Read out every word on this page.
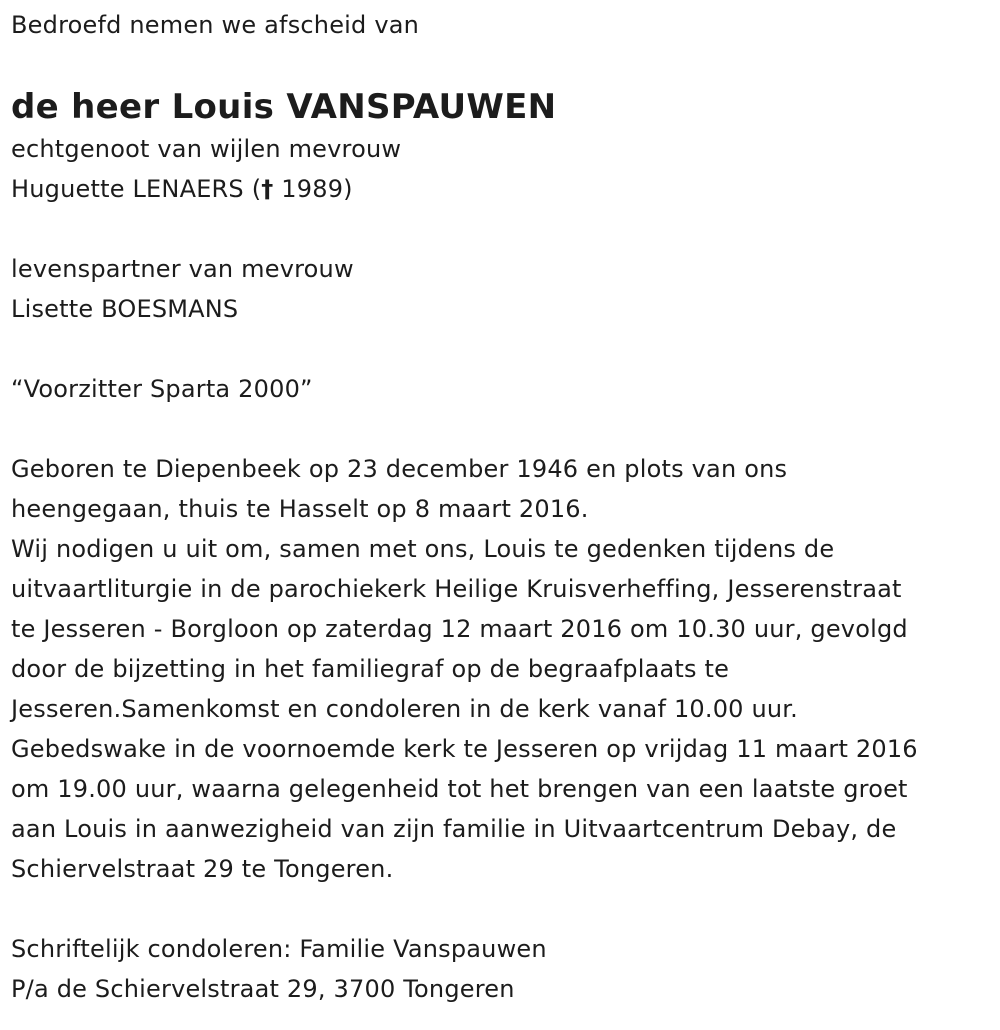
Bedroefd nemen we afscheid van
de heer Louis VANSPAUWEN
echtgenoot van wijlen mevrouw
Huguette LENAERS († 1989)
levenspartner van mevrouw
Lisette BOESMANS
“Voorzitter Sparta 2000”
Geboren te Diepenbeek op 23 december 1946 en plots van ons
heengegaan, thuis te Hasselt op 8 maart 2016.
Wij nodigen u uit om, samen met ons, Louis te gedenken tijdens de
uitvaartliturgie in de parochiekerk Heilige Kruisverheffing, Jesserenstraat
te Jesseren - Borgloon op zaterdag 12 maart 2016 om 10.30 uur, gevolgd
door de bijzetting in het familiegraf op de begraafplaats te
Jesseren.Samenkomst en condoleren in de kerk vanaf 10.00 uur.
Gebedswake in de voornoemde kerk te Jesseren op vrijdag 11 maart 2016
om 19.00 uur, waarna gelegenheid tot het brengen van een laatste groet
aan Louis in aanwezigheid van zijn familie in Uitvaartcentrum Debay, de
Schiervelstraat 29 te Tongeren.
Schriftelijk condoleren: Familie Vanspauwen
P/a de Schiervelstraat 29, 3700 Tongeren
